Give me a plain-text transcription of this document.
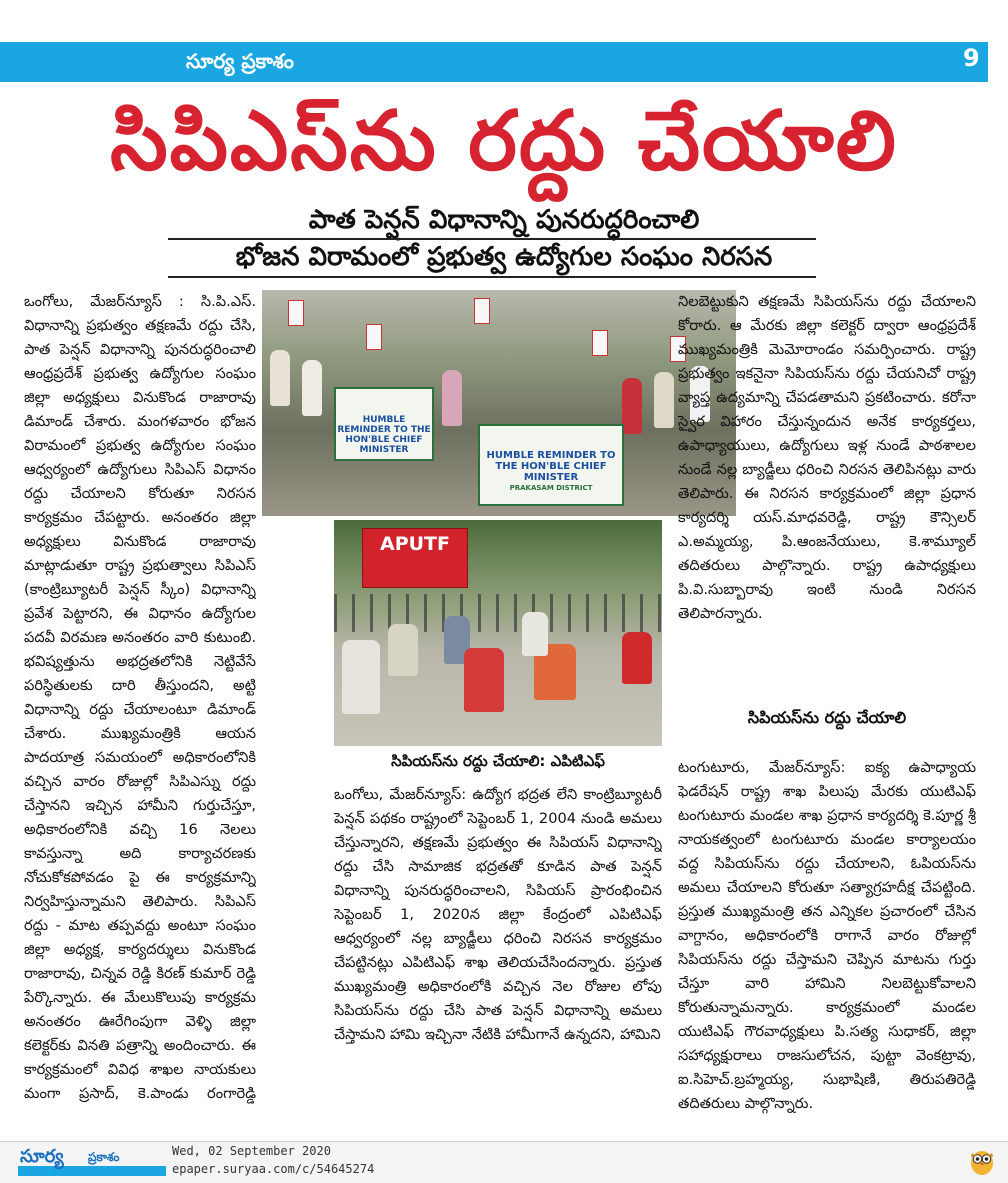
సూర్య ప్రకాశం	9
సిపిఎస్‌ను రద్దు చేయాలి
పాత పెన్షన్ విధానాన్ని పునరుద్ధరించాలి
భోజన విరామంలో ప్రభుత్వ ఉద్యోగుల సంఘం నిరసన

ఒంగోలు, మేజర్‌న్యూస్ : సి.పి.ఎస్. విధానాన్ని ప్రభుత్వం తక్షణమే రద్దు చేసి, పాత పెన్షన్ విధానాన్ని పునరుద్ధరించాలి ఆంధ్రప్రదేశ్ ప్రభుత్వ ఉద్యోగుల సంఘం జిల్లా అధ్యక్షులు వినుకొండ రాజారావు డిమాండ్ చేశారు. మంగళవారం భోజన విరామంలో ప్రభుత్వ ఉద్యోగుల సంఘం ఆధ్వర్యంలో ఉద్యోగులు సిపిఎస్ విధానం రద్దు చేయాలని కోరుతూ నిరసన కార్యక్రమం చేపట్టారు. అనంతరం జిల్లా అధ్యక్షులు వినుకొండ రాజారావు మాట్లాడుతూ రాష్ట్ర ప్రభుత్వాలు సిపిఎస్ (కాంట్రిబ్యూటరీ పెన్షన్ స్కీం) విధానాన్ని ప్రవేశ పెట్టారని, ఈ విధానం ఉద్యోగుల పదవీ విరమణ అనంతరం వారి కుటుంబి. భవిష్యత్తును అభద్రతలోనికి నెట్టివేసే పరిస్థితులకు దారి తీస్తుందని, అట్టి విధానాన్ని రద్దు చేయాలంటూ డిమాండ్ చేశారు. ముఖ్యమంత్రికి ఆయన పాదయాత్ర సమయంలో అధికారంలోనికి వచ్చిన వారం రోజుల్లో సిపిఎస్ను రద్దు చేస్తానని ఇచ్చిన హామీని గుర్తుచేస్తూ, అధికారంలోనికి వచ్చి 16 నెలలు కావస్తున్నా అది కార్యాచరణకు నోచుకోకపోవడం పై ఈ కార్యక్రమాన్ని నిర్వహిస్తున్నామని తెలిపారు. సిపిఎస్ రద్దు - మాట తప్పవద్దు అంటూ సంఘం జిల్లా అధ్యక్ష, కార్యదర్శులు వినుకొండ రాజారావు, చిన్నవ రెడ్డి కిరణ్ కుమార్ రెడ్డి పేర్కొన్నారు. ఈ మేలుకొలుపు కార్యక్రమ అనంతరం ఊరేగింపుగా వెళ్ళి జిల్లా కలెక్టర్‌కు వినతి పత్రాన్ని అందించారు. ఈ కార్యక్రమంలో వివిధ శాఖల నాయకులు మంగా ప్రసాద్, కె.పాండు రంగారెడ్డి

HUMBLE REMINDER TO THE HON'BLE CHIEF MINISTER	HUMBLE REMINDER TO THE HON'BLE CHIEF MINISTER
PRAKASAM DISTRICT

నిలబెట్టుకుని తక్షణమే సిపియస్‌ను రద్దు చేయాలని కోరారు. ఆ మేరకు జిల్లా కలెక్టర్ ద్వారా ఆంధ్రప్రదేశ్ ముఖ్యమంత్రికి మెమోరాండం సమర్పించారు. రాష్ట్ర ప్రభుత్వం ఇకనైనా సిపియస్‌ను రద్దు చేయనిచో రాష్ట్ర వ్యాప్త ఉద్యమాన్ని చేపడతామని ప్రకటించారు. కరోనా స్వైర విహారం చేస్తున్నందున అనేక కార్యకర్తలు, ఉపాధ్యాయులు, ఉద్యోగులు ఇళ్ల నుండే పాఠశాలల నుండే నల్ల బ్యాడ్జీలు ధరించి నిరసన తెలిపినట్లు వారు తెలిపారు. ఈ నిరసన కార్యక్రమంలో జిల్లా ప్రధాన కార్యదర్శి యస్.మాధవరెడ్డి, రాష్ట్ర కౌన్సిలర్ ఎ.అమ్మయ్య, పి.ఆంజనేయులు, కె.శామ్యూల్ తదితరులు పాల్గొన్నారు. రాష్ట్ర ఉపాధ్యక్షులు పి.వి.సుబ్బారావు ఇంటి నుండి నిరసన తెలిపారన్నారు.

APUTF
సిపియస్‌ను రద్దు చేయాలి: ఎపిటిఎఫ్

ఒంగోలు, మేజర్‌న్యూస్: ఉద్యోగ భద్రత లేని కాంట్రిబ్యూటరీ పెన్షన్ పథకం రాష్ట్రంలో సెప్టెంబర్ 1, 2004 నుండి అమలు చేస్తున్నారని, తక్షణమే ప్రభుత్వం ఈ సిపియస్ విధానాన్ని రద్దు చేసి సామాజిక భద్రతతో కూడిన పాత పెన్షన్ విధానాన్ని పునరుద్ధరించాలని, సిపియస్ ప్రారంభించిన సెప్టెంబర్ 1, 2020న జిల్లా కేంద్రంలో ఎపిటిఎఫ్ ఆధ్వర్యంలో నల్ల బ్యాడ్జీలు ధరించి నిరసన కార్యక్రమం చేపట్టినట్లు ఎపిటిఎఫ్ శాఖ తెలియచేసిందన్నారు. ప్రస్తుత ముఖ్యమంత్రి అధికారంలోకి వచ్చిన నెల రోజుల లోపు సిపియస్‌ను రద్దు చేసి పాత పెన్షన్ విధానాన్ని అమలు చేస్తామని హామి ఇచ్చినా నేటికి హామీగానే ఉన్నదని, హామిని

సిపియస్‌ను రద్దు చేయాలి

టంగుటూరు, మేజర్‌న్యూస్: ఐక్య ఉపాధ్యాయ ఫెడరేషన్ రాష్ట్ర శాఖ పిలుపు మేరకు యుటిఎఫ్ టంగుటూరు మండల శాఖ ప్రధాన కార్యదర్శి కె.పూర్ణ శ్రీ నాయకత్వంలో టంగుటూరు మండల కార్యాలయం వద్ద సిపియస్‌ను రద్దు చేయాలని, ఓపియస్‌ను అమలు చేయాలని కోరుతూ సత్యాగ్రహదీక్ష చేపట్టింది. ప్రస్తుత ముఖ్యమంత్రి తన ఎన్నికల ప్రచారంలో చేసిన వాగ్దానం, అధికారంలోకి రాగానే వారం రోజుల్లో సిపియస్‌ను రద్దు చేస్తామని చెప్పిన మాటను గుర్తు చేస్తూ వారి హామిని నిలబెట్టుకోవాలని కోరుతున్నామన్నారు. కార్యక్రమంలో మండల యుటిఎఫ్ గౌరవాధ్యక్షులు పి.సత్య సుధాకర్, జిల్లా సహాధ్యక్షురాలు రాజసులోచన, పుట్టా వెంకట్రావు, ఐ.సిహెచ్.బ్రహ్మయ్య, సుభాషిణి, తిరుపతిరెడ్డి తదితరులు పాల్గొన్నారు.

సూర్య ప్రకాశం	Wed, 02 September 2020
epaper.suryaa.com/c/54645274
